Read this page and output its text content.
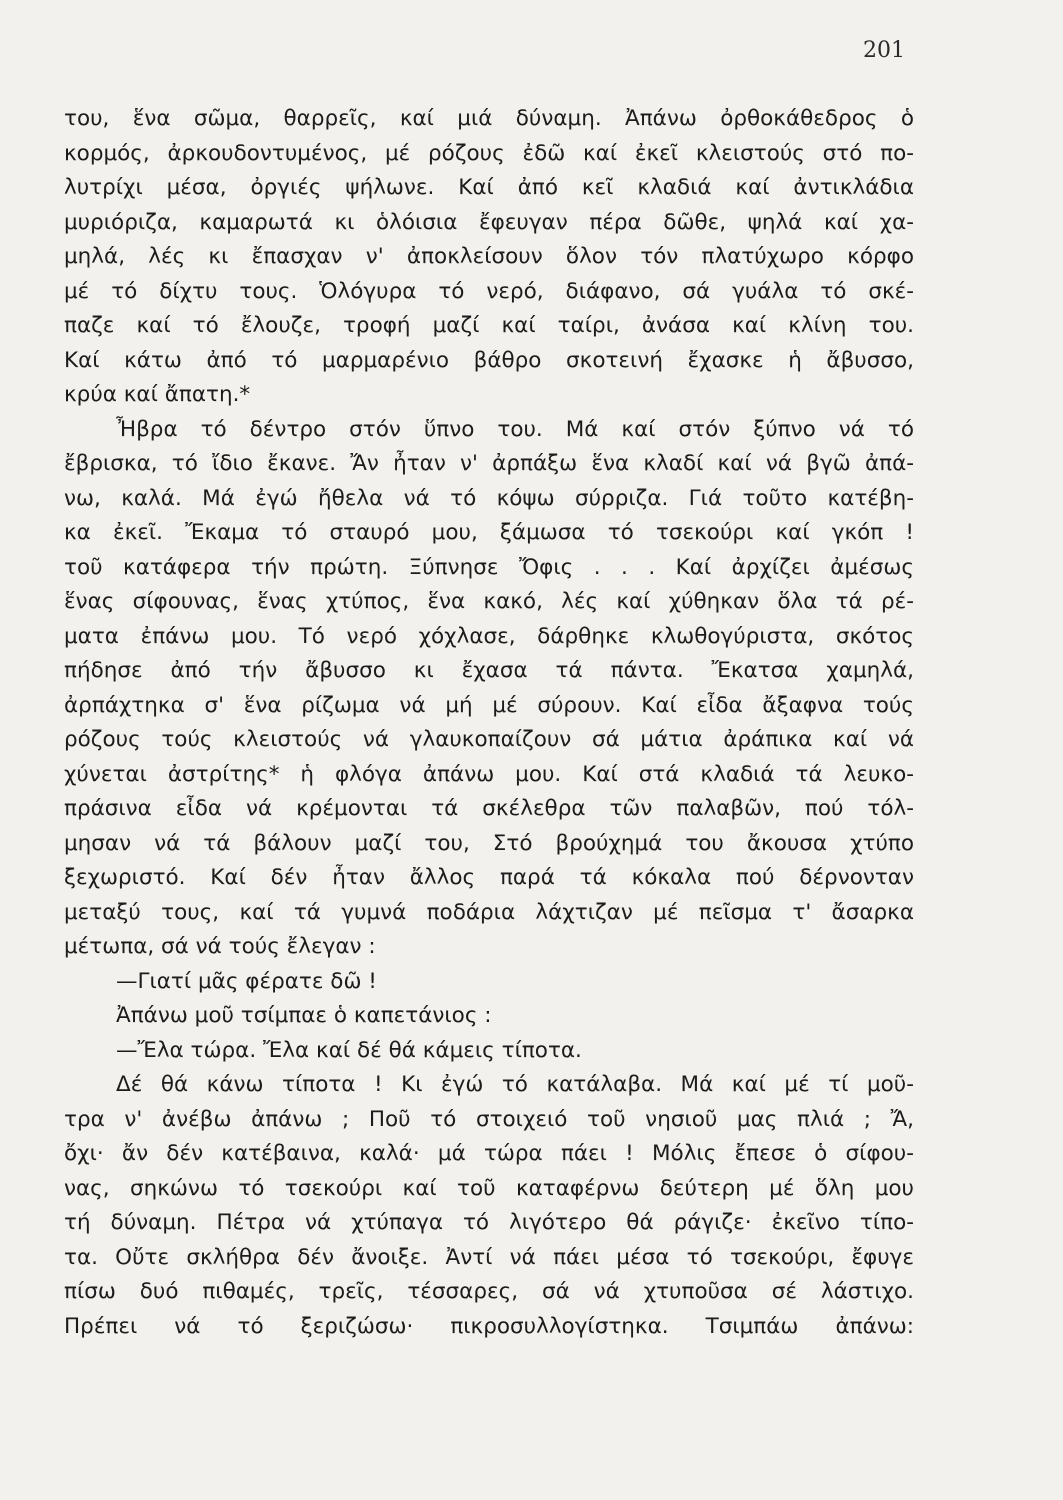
201
του, ἕνα σῶμα, θαρρεῖς, καί μιά δύναμη. Ἀπάνω ὀρθοκάθεδρος ὁ
κορμός, ἀρκουδοντυμένος, μέ ρόζους ἐδῶ καί ἐκεῖ κλειστούς στό πο-
λυτρίχι μέσα, ὀργιές ψήλωνε. Καί ἀπό κεῖ κλαδιά καί ἀντικλάδια
μυριόριζα, καμαρωτά κι ὁλόισια ἔφευγαν πέρα δῶθε, ψηλά καί χα-
μηλά, λές κι ἔπασχαν ν' ἀποκλείσουν ὅλον τόν πλατύχωρο κόρφο
μέ τό δίχτυ τους. Ὁλόγυρα τό νερό, διάφανο, σά γυάλα τό σκέ-
παζε καί τό ἔλουζε, τροφή μαζί καί ταίρι, ἀνάσα καί κλίνη του.
Καί κάτω ἀπό τό μαρμαρένιο βάθρο σκοτεινή ἔχασκε ἡ ἄβυσσο,
κρύα καί ἄπατη.*
Ἦβρα τό δέντρο στόν ὕπνο του. Μά καί στόν ξύπνο νά τό
ἔβρισκα, τό ἴδιο ἔκανε. Ἄν ἦταν ν' ἀρπάξω ἕνα κλαδί καί νά βγῶ ἀπά-
νω, καλά. Μά ἐγώ ἤθελα νά τό κόψω σύρριζα. Γιά τοῦτο κατέβη-
κα ἐκεῖ. Ἔκαμα τό σταυρό μου, ξάμωσα τό τσεκούρι καί γκόπ !
τοῦ κατάφερα τήν πρώτη. Ξύπνησε Ὄφις . . . Καί ἀρχίζει ἀμέσως
ἕνας σίφουνας, ἕνας χτύπος, ἕνα κακό, λές καί χύθηκαν ὅλα τά ρέ-
ματα ἐπάνω μου. Τό νερό χόχλασε, δάρθηκε κλωθογύριστα, σκότος
πήδησε ἀπό τήν ἄβυσσο κι ἔχασα τά πάντα. Ἔκατσα χαμηλά,
ἀρπάχτηκα σ' ἕνα ρίζωμα νά μή μέ σύρουν. Καί εἶδα ἄξαφνα τούς
ρόζους τούς κλειστούς νά γλαυκοπαίζουν σά μάτια ἀράπικα καί νά
χύνεται ἀστρίτης* ἡ φλόγα ἀπάνω μου. Καί στά κλαδιά τά λευκο-
πράσινα εἶδα νά κρέμονται τά σκέλεθρα τῶν παλαβῶν, πού τόλ-
μησαν νά τά βάλουν μαζί του, Στό βρούχημά του ἄκουσα χτύπο
ξεχωριστό. Καί δέν ἦταν ἄλλος παρά τά κόκαλα πού δέρνονταν
μεταξύ τους, καί τά γυμνά ποδάρια λάχτιζαν μέ πεῖσμα τ' ἄσαρκα
μέτωπα, σά νά τούς ἔλεγαν :
—Γιατί μᾶς φέρατε δῶ !
Ἀπάνω μοῦ τσίμπαε ὁ καπετάνιος :
—Ἔλα τώρα. Ἔλα καί δέ θά κάμεις τίποτα.
Δέ θά κάνω τίποτα ! Κι ἐγώ τό κατάλαβα. Μά καί μέ τί μοῦ-
τρα ν' ἀνέβω ἀπάνω ; Ποῦ τό στοιχειό τοῦ νησιοῦ μας πλιά ; Ἄ,
ὄχι· ἄν δέν κατέβαινα, καλά· μά τώρα πάει ! Μόλις ἔπεσε ὁ σίφου-
νας, σηκώνω τό τσεκούρι καί τοῦ καταφέρνω δεύτερη μέ ὅλη μου
τή δύναμη. Πέτρα νά χτύπαγα τό λιγότερο θά ράγιζε· ἐκεῖνο τίπο-
τα. Οὔτε σκλήθρα δέν ἄνοιξε. Ἀντί νά πάει μέσα τό τσεκούρι, ἔφυγε
πίσω δυό πιθαμές, τρεῖς, τέσσαρες, σά νά χτυποῦσα σέ λάστιχο.
Πρέπει νά τό ξεριζώσω· πικροσυλλογίστηκα. Τσιμπάω ἀπάνω:
